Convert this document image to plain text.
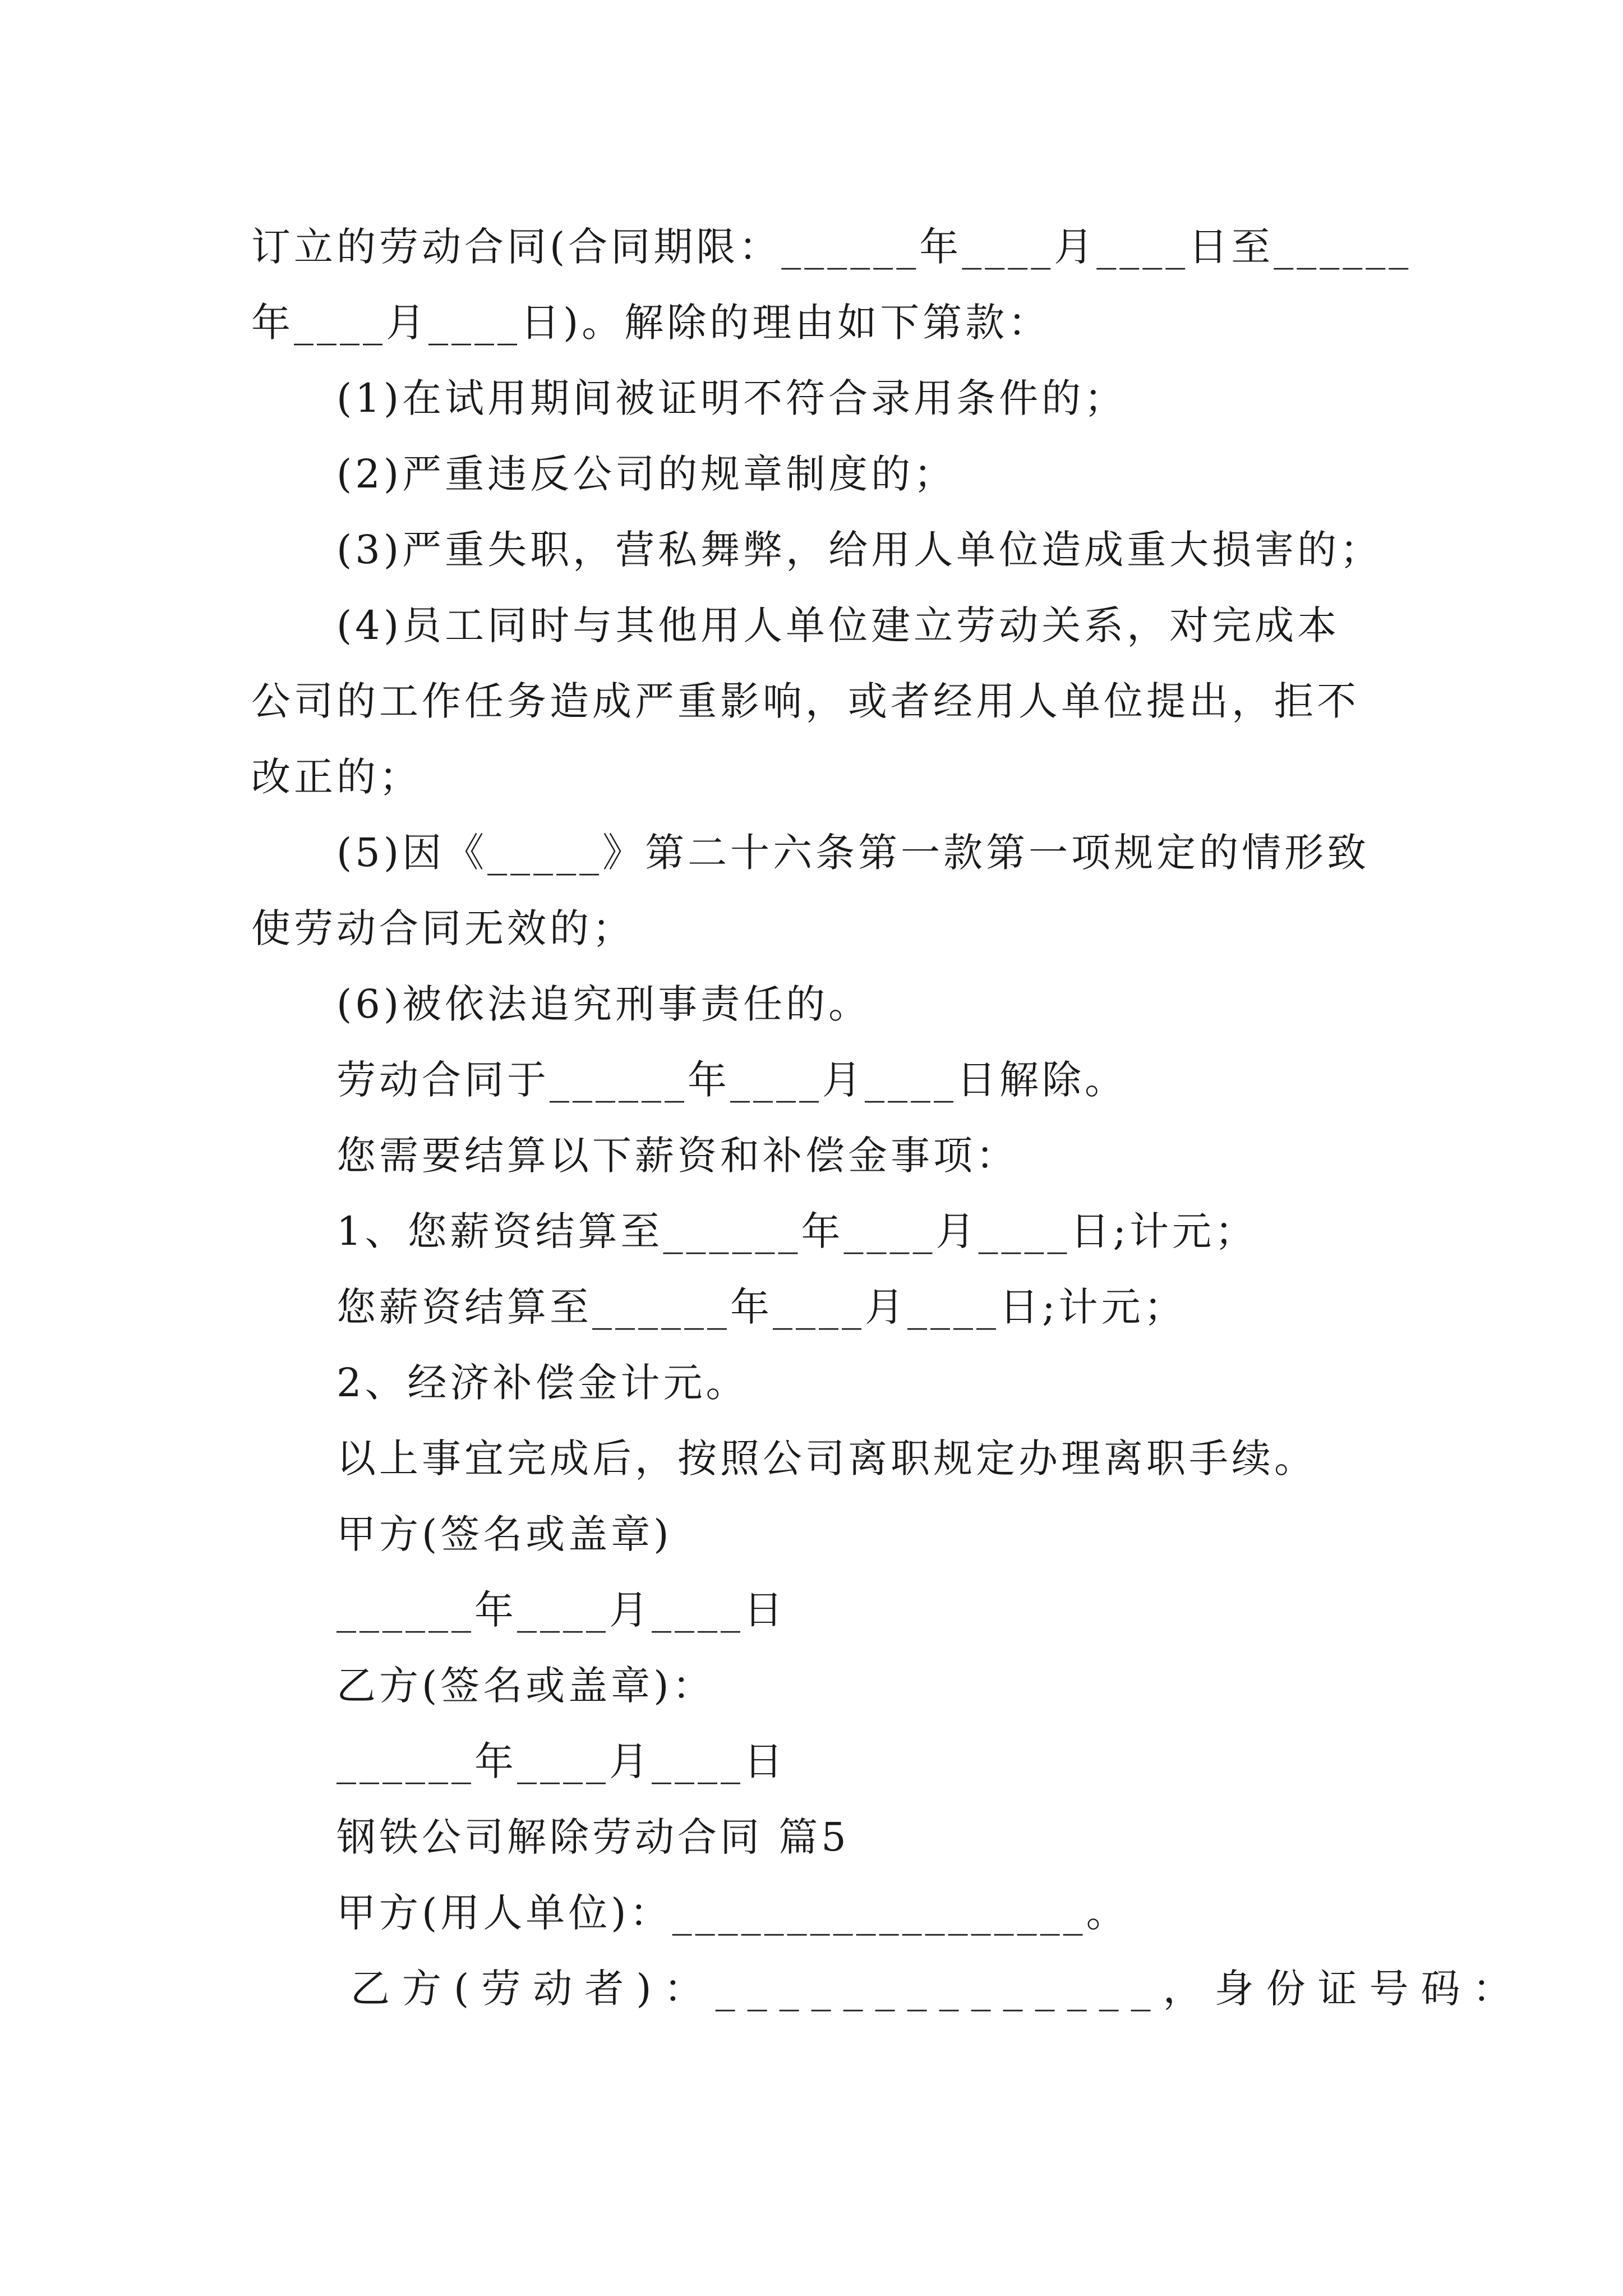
订立的劳动合同(合同期限：______年____月____日至______
年____月____日)。解除的理由如下第款：
(1)在试用期间被证明不符合录用条件的；
(2)严重违反公司的规章制度的；
(3)严重失职，营私舞弊，给用人单位造成重大损害的；
(4)员工同时与其他用人单位建立劳动关系，对完成本
公司的工作任务造成严重影响，或者经用人单位提出，拒不
改正的；
(5)因《_____》第二十六条第一款第一项规定的情形致
使劳动合同无效的；
(6)被依法追究刑事责任的。
劳动合同于______年____月____日解除。
您需要结算以下薪资和补偿金事项：
1、您薪资结算至______年____月____日;计元；
您薪资结算至______年____月____日;计元；
2、经济补偿金计元。
以上事宜完成后，按照公司离职规定办理离职手续。
甲方(签名或盖章)
______年____月____日
乙方(签名或盖章)：
______年____月____日
钢铁公司解除劳动合同 篇5
甲方(用人单位)：__________________。
乙方(劳动者)：______________，身份证号码：
